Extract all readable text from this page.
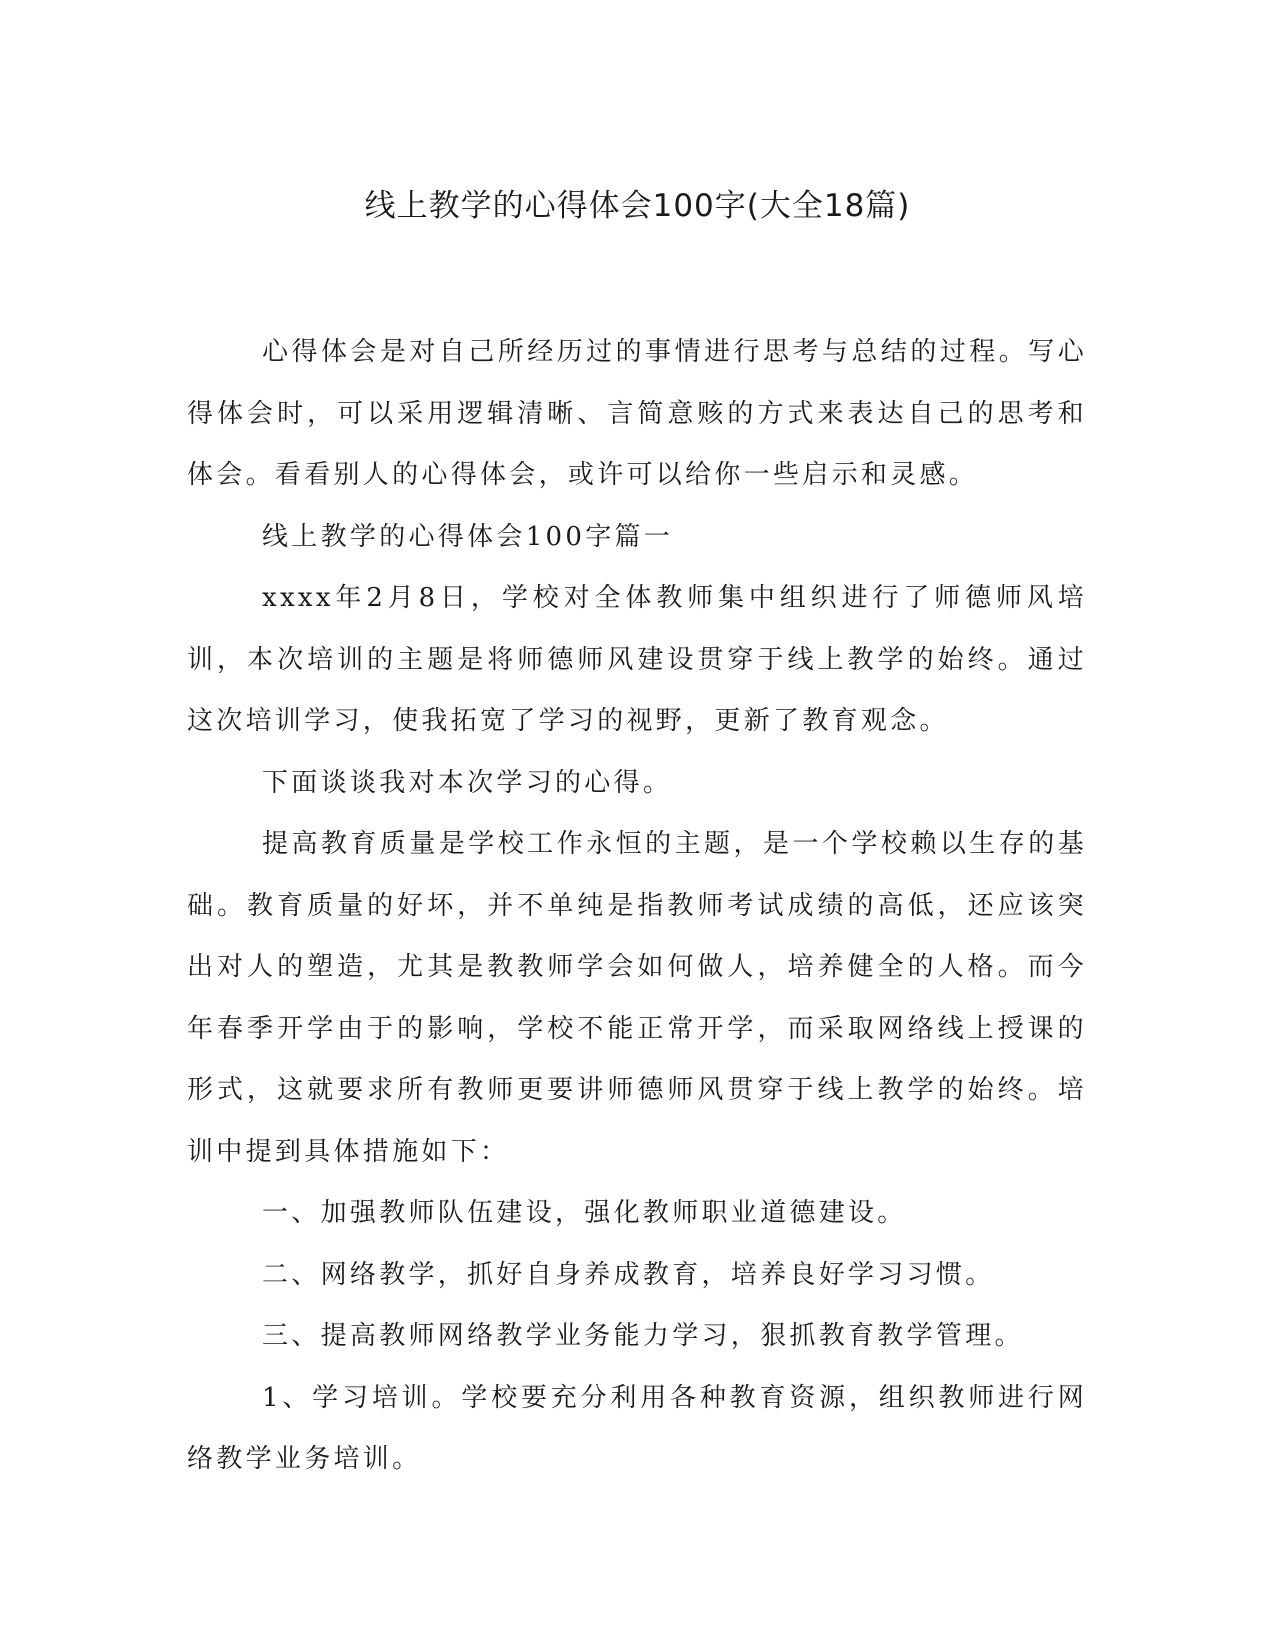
线上教学的心得体会100字(大全18篇)

心得体会是对自己所经历过的事情进行思考与总结的过程。写心得体会时，可以采用逻辑清晰、言简意赅的方式来表达自己的思考和体会。看看别人的心得体会，或许可以给你一些启示和灵感。

线上教学的心得体会100字篇一

xxxx年2月8日，学校对全体教师集中组织进行了师德师风培训，本次培训的主题是将师德师风建设贯穿于线上教学的始终。通过这次培训学习，使我拓宽了学习的视野，更新了教育观念。

下面谈谈我对本次学习的心得。

提高教育质量是学校工作永恒的主题，是一个学校赖以生存的基础。教育质量的好坏，并不单纯是指教师考试成绩的高低，还应该突出对人的塑造，尤其是教教师学会如何做人，培养健全的人格。而今年春季开学由于的影响，学校不能正常开学，而采取网络线上授课的形式，这就要求所有教师更要讲师德师风贯穿于线上教学的始终。培训中提到具体措施如下：

一、加强教师队伍建设，强化教师职业道德建设。

二、网络教学，抓好自身养成教育，培养良好学习习惯。

三、提高教师网络教学业务能力学习，狠抓教育教学管理。

1、学习培训。学校要充分利用各种教育资源，组织教师进行网络教学业务培训。
